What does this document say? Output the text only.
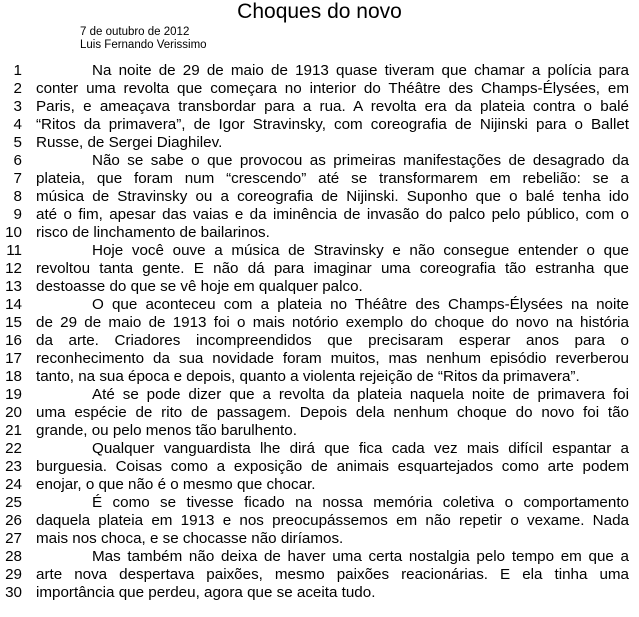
Choques do novo
7 de outubro de 2012
Luis Fernando Verissimo
1	Na noite de 29 de maio de 1913 quase tiveram que chamar a polícia para
2 conter uma revolta que começara no interior do Théâtre des Champs-Élysées, em
3 Paris, e ameaçava transbordar para a rua. A revolta era da plateia contra o balé
4 “Ritos da primavera”, de Igor Stravinsky, com coreografia de Nijinski para o Ballet
5 Russe, de Sergei Diaghilev.
6	Não se sabe o que provocou as primeiras manifestações de desagrado da
7 plateia, que foram num “crescendo” até se transformarem em rebelião: se a
8 música de Stravinsky ou a coreografia de Nijinski. Suponho que o balé tenha ido
9 até o fim, apesar das vaias e da iminência de invasão do palco pelo público, com o
10 risco de linchamento de bailarinos.
11	Hoje você ouve a música de Stravinsky e não consegue entender o que
12 revoltou tanta gente. E não dá para imaginar uma coreografia tão estranha que
13 destoasse do que se vê hoje em qualquer palco.
14	O que aconteceu com a plateia no Théâtre des Champs-Élysées na noite
15 de 29 de maio de 1913 foi o mais notório exemplo do choque do novo na história
16 da arte. Criadores incompreendidos que precisaram esperar anos para o
17 reconhecimento da sua novidade foram muitos, mas nenhum episódio reverberou
18 tanto, na sua época e depois, quanto a violenta rejeição de “Ritos da primavera”.
19	Até se pode dizer que a revolta da plateia naquela noite de primavera foi
20 uma espécie de rito de passagem. Depois dela nenhum choque do novo foi tão
21 grande, ou pelo menos tão barulhento.
22	Qualquer vanguardista lhe dirá que fica cada vez mais difícil espantar a
23 burguesia. Coisas como a exposição de animais esquartejados como arte podem
24 enojar, o que não é o mesmo que chocar.
25	É como se tivesse ficado na nossa memória coletiva o comportamento
26 daquela plateia em 1913 e nos preocupássemos em não repetir o vexame. Nada
27 mais nos choca, e se chocasse não diríamos.
28	Mas também não deixa de haver uma certa nostalgia pelo tempo em que a
29 arte nova despertava paixões, mesmo paixões reacionárias. E ela tinha uma
30 importância que perdeu, agora que se aceita tudo.
